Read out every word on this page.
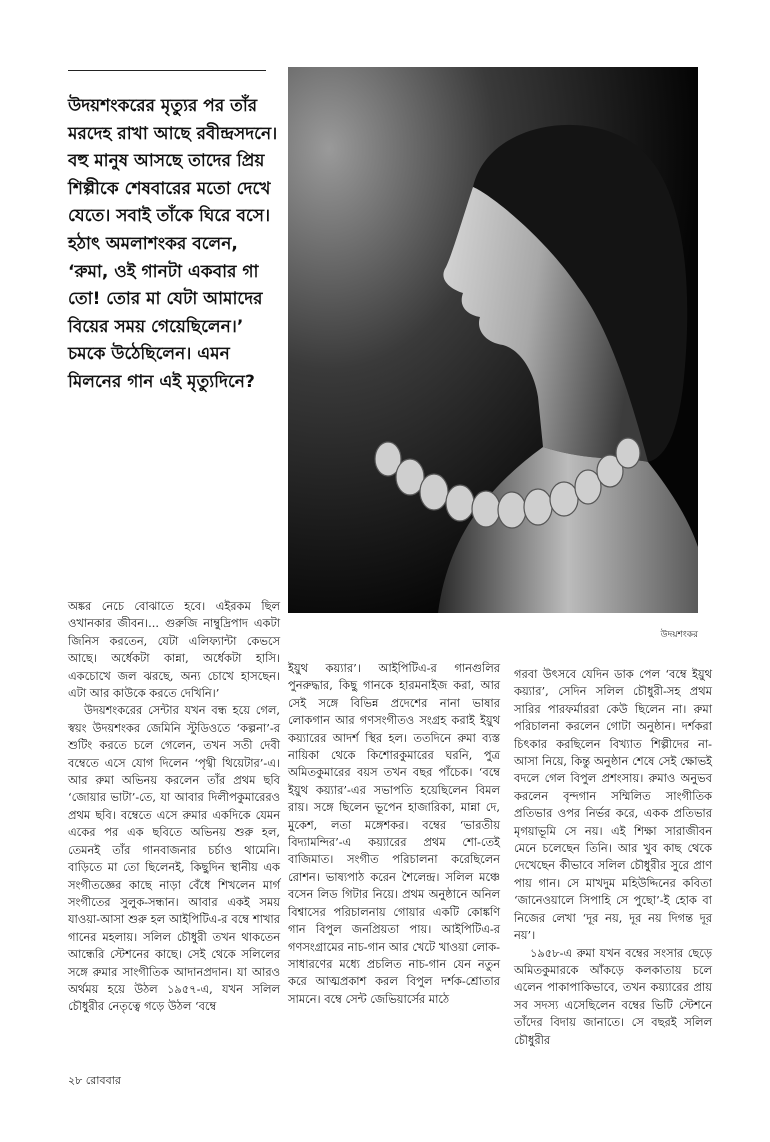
উদয়শংকরের মৃত্যুর পর তাঁর মরদেহ রাখা আছে রবীন্দ্রসদনে। বহু মানুষ আসছে তাদের প্রিয় শিল্পীকে শেষবারের মতো দেখে যেতে। সবাই তাঁকে ঘিরে বসে। হঠাৎ অমলাশংকর বলেন, ‘রুমা, ওই গানটা একবার গা তো! তোর মা যেটা আমাদের বিয়ের সময় গেয়েছিলেন।’ চমকে উঠেছিলেন। এমন মিলনের গান এই মৃত্যুদিনে?
উদয়শংকর

অঙ্কর নেচে বোঝাতে হবে। এইরকম ছিল ওখানকার জীবন।... গুরুজি নাম্বুদ্রিপাদ একটা জিনিস করতেন, যেটা এলিফ্যান্টা কেভসে আছে। অর্ধেকটা কান্না, অর্ধেকটা হাসি। একচোখে জল ঝরছে, অন্য চোখে হাসছেন। এটা আর কাউকে করতে দেখিনি।’

উদয়শংকরের সেন্টার যখন বন্ধ হয়ে গেল, স্বয়ং উদয়শংকর জেমিনি স্টুডিওতে ‘কল্পনা’-র শুটিং করতে চলে গেলেন, তখন সতী দেবী বম্বেতে এসে যোগ দিলেন ‘পৃথ্বী থিয়েটার’-এ। আর রুমা অভিনয় করলেন তাঁর প্রথম ছবি ‘জোয়ার ভাটা’-তে, যা আবার দিলীপকুমারেরও প্রথম ছবি। বম্বেতে এসে রুমার একদিকে যেমন একের পর এক ছবিতে অভিনয় শুরু হল, তেমনই তাঁর গানবাজনার চর্চাও থামেনি। বাড়িতে মা তো ছিলেনই, কিছুদিন স্থানীয় এক সংগীতজ্ঞের কাছে নাড়া বেঁধে শিখলেন মার্গ সংগীতের সুলুক-সন্ধান। আবার একই সময় যাওয়া-আসা শুরু হল আইপিটিএ-র বম্বে শাখার গানের মহলায়। সলিল চৌধুরী তখন থাকতেন আন্ধেরি স্টেশনের কাছে। সেই থেকে সলিলের সঙ্গে রুমার সাংগীতিক আদানপ্রদান। যা আরও অর্থময় হয়ে উঠল ১৯৫৭-এ, যখন সলিল চৌধুরীর নেতৃত্বে গড়ে উঠল ‘বম্বে

ইয়ুথ কয়্যার’। আইপিটিএ-র গানগুলির পুনরুদ্ধার, কিছু গানকে হারমনাইজ করা, আর সেই সঙ্গে বিভিন্ন প্রদেশের নানা ভাষার লোকগান আর গণসংগীতও সংগ্রহ করাই ইয়ুথ কয়্যারের আদর্শ স্থির হল। ততদিনে রুমা ব্যস্ত নায়িকা থেকে কিশোরকুমারের ঘরনি, পুত্র অমিতকুমারের বয়স তখন বছর পাঁচেক। ‘বম্বে ইয়ুথ কয়্যার’-এর সভাপতি হয়েছিলেন বিমল রায়। সঙ্গে ছিলেন ভূপেন হাজারিকা, মান্না দে, মুকেশ, লতা মঙ্গেশকর। বম্বের ‘ভারতীয় বিদ্যামন্দির’-এ কয়্যারের প্রথম শো-তেই বাজিমাত। সংগীত পরিচালনা করেছিলেন রোশন। ভাষ্যপাঠ করেন শৈলেন্দ্র। সলিল মঞ্চে বসেন লিড গিটার নিয়ে। প্রথম অনুষ্ঠানে অনিল বিশ্বাসের পরিচালনায় গোয়ার একটি কোঙ্কণি গান বিপুল জনপ্রিয়তা পায়। আইপিটিএ-র গণসংগ্রামের নাচ-গান আর খেটে খাওয়া লোক-সাধারণের মধ্যে প্রচলিত নাচ-গান যেন নতুন করে আত্মপ্রকাশ করল বিপুল দর্শক-শ্রোতার সামনে। বম্বে সেন্ট জেভিয়ার্সের মাঠে

গরবা উৎসবে যেদিন ডাক পেল ‘বম্বে ইয়ুথ কয়্যার’, সেদিন সলিল চৌধুরী-সহ প্রথম সারির পারফর্মাররা কেউ ছিলেন না। রুমা পরিচালনা করলেন গোটা অনুষ্ঠান। দর্শকরা চিৎকার করছিলেন বিখ্যাত শিল্পীদের না-আসা নিয়ে, কিন্তু অনুষ্ঠান শেষে সেই ক্ষোভই বদলে গেল বিপুল প্রশংসায়। রুমাও অনুভব করলেন বৃন্দগান সম্মিলিত সাংগীতিক প্রতিভার ওপর নির্ভর করে, একক প্রতিভার মৃগয়াভূমি সে নয়। এই শিক্ষা সারাজীবন মেনে চলেছেন তিনি। আর খুব কাছ থেকে দেখেছেন কীভাবে সলিল চৌধুরীর সুরে প্রাণ পায় গান। সে মাখদুম মহিউদ্দিনের কবিতা ‘জানেওয়ালে সিপাহি সে পুছো’-ই হোক বা নিজের লেখা ‘দূর নয়, দূর নয় দিগন্ত দূর নয়’।

১৯৫৮-এ রুমা যখন বম্বের সংসার ছেড়ে অমিতকুমারকে আঁকড়ে কলকাতায় চলে এলেন পাকাপাকিভাবে, তখন কয়্যারের প্রায় সব সদস্য এসেছিলেন বম্বের ভিটি স্টেশনে তাঁদের বিদায় জানাতে। সে বছরই সলিল চৌধুরীর

২৮ রোববার
